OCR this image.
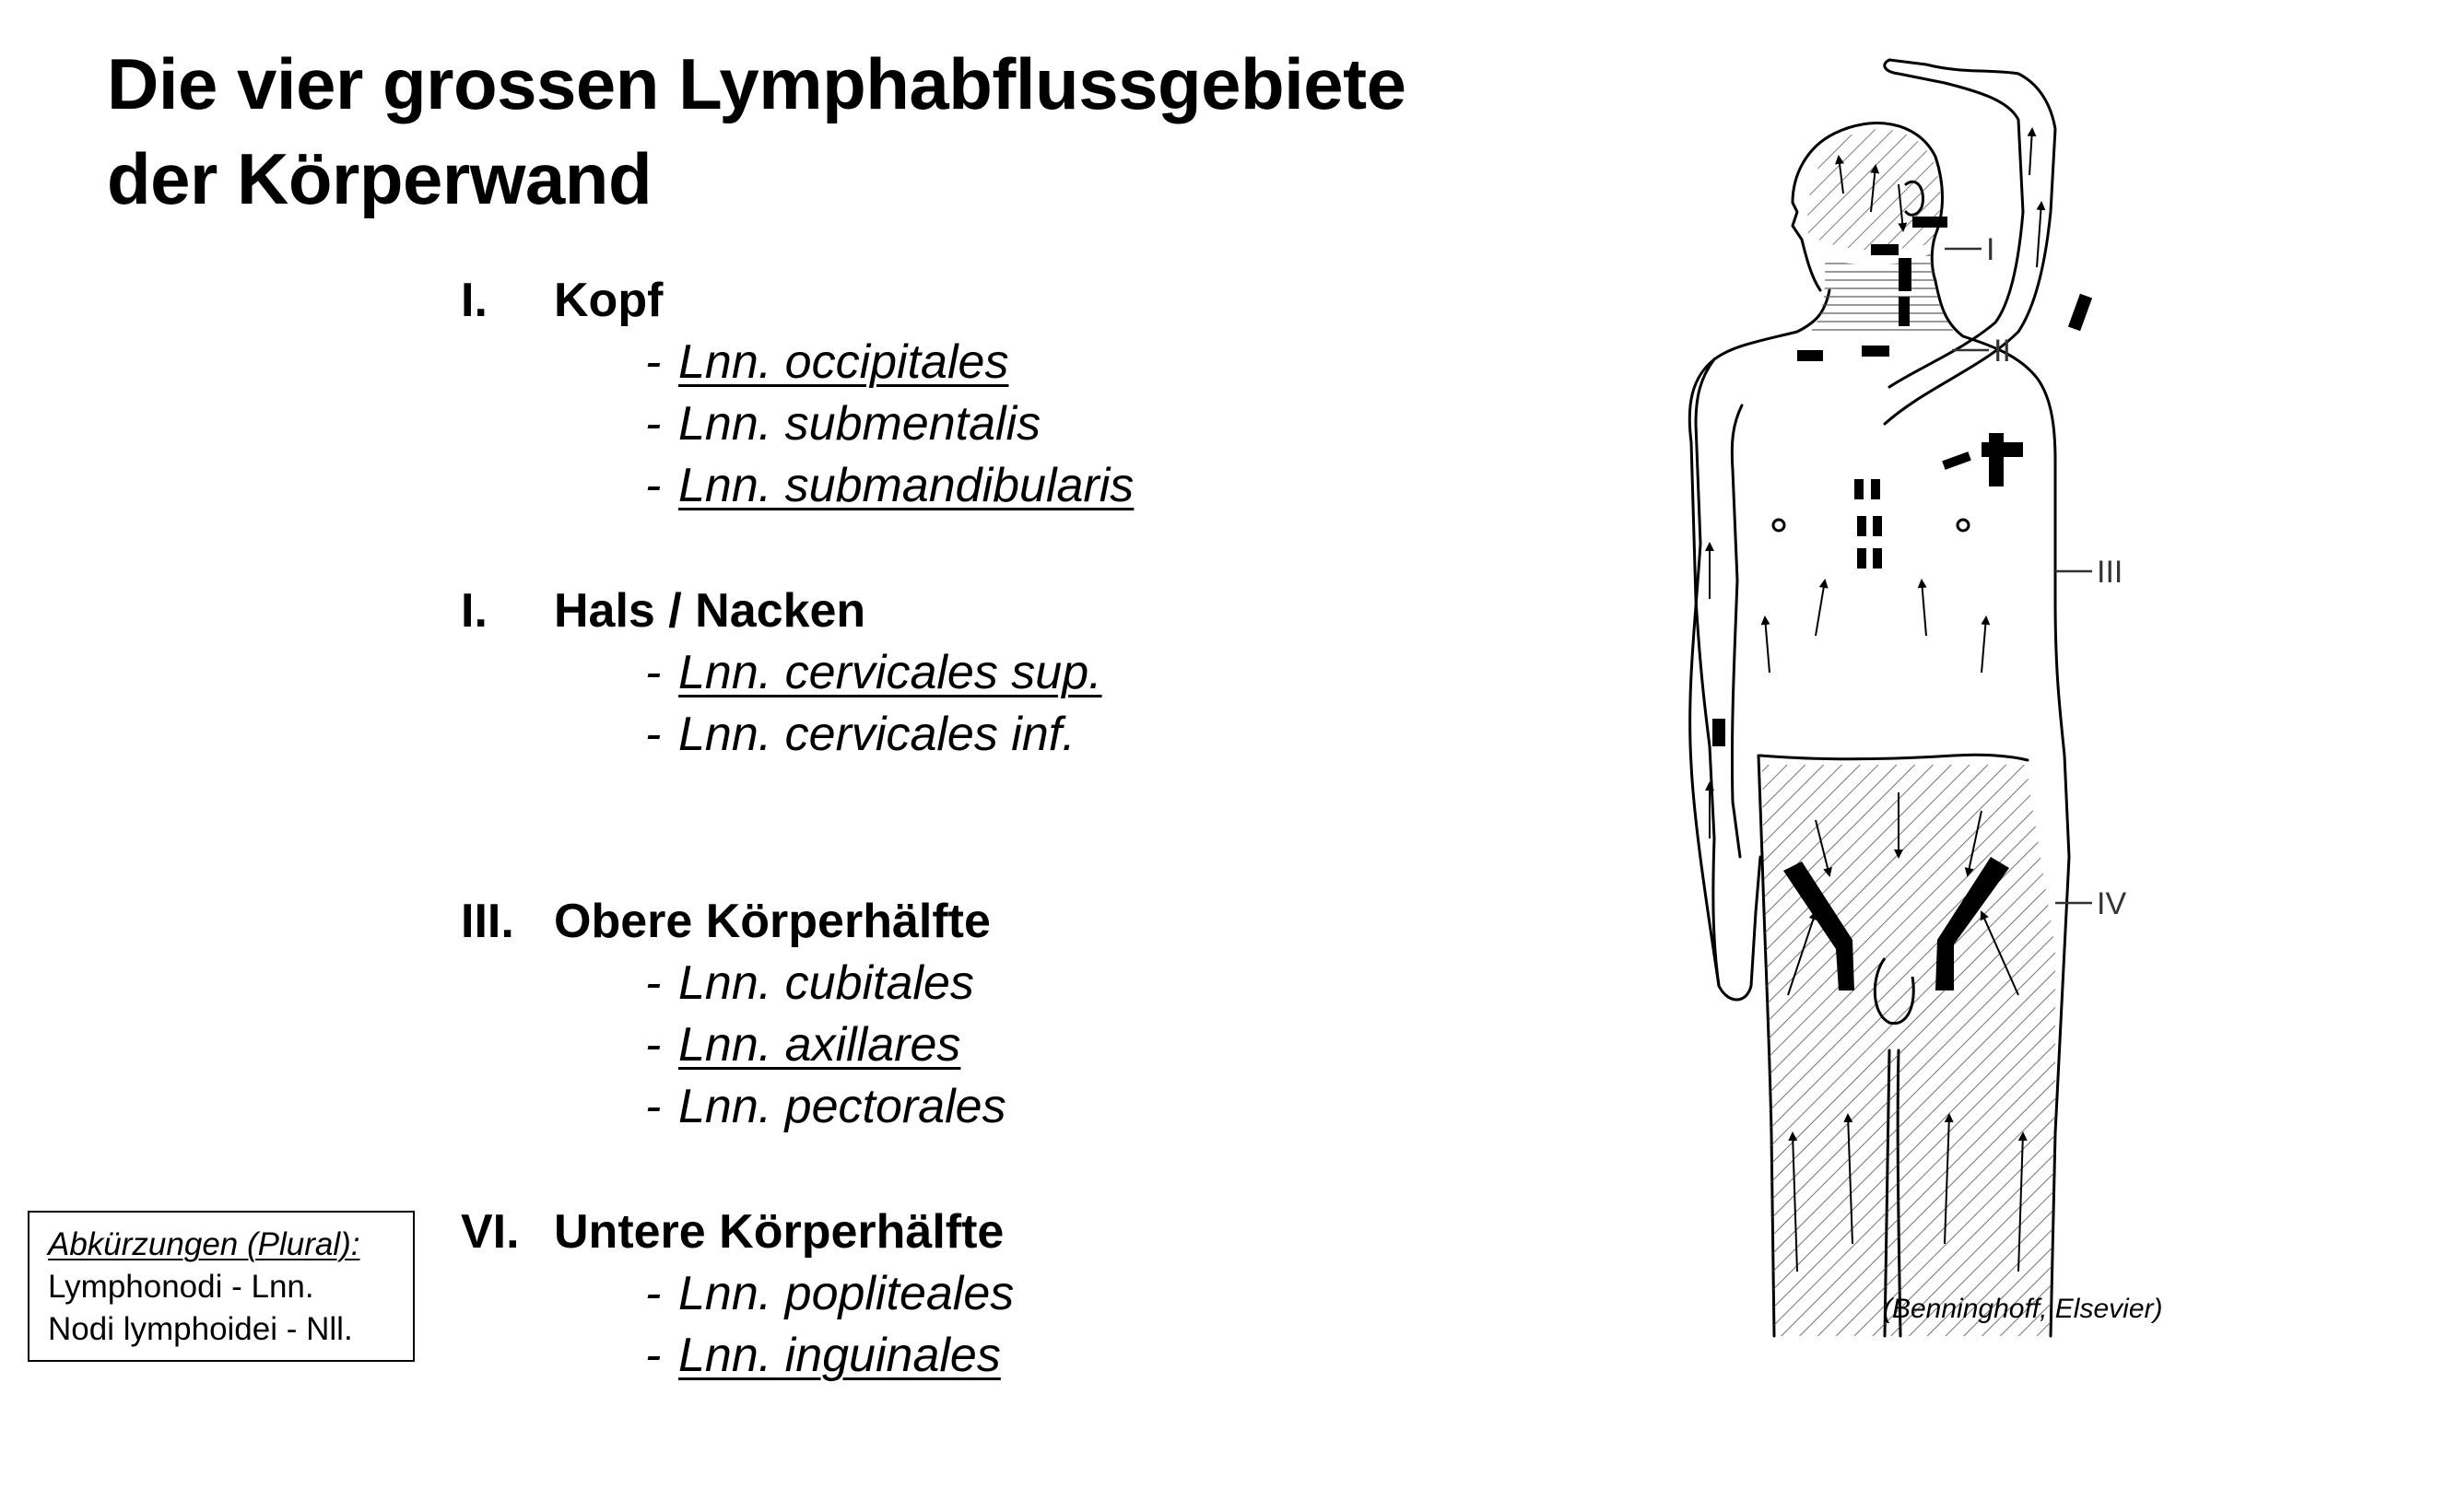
Die vier grossen Lymphabflussgebiete
der Körperwand
I. Kopf
- Lnn. occipitales
- Lnn. submentalis
- Lnn. submandibularis
I. Hals / Nacken
- Lnn. cervicales sup.
- Lnn. cervicales inf.
III. Obere Körperhälfte
- Lnn. cubitales
- Lnn. axillares
- Lnn. pectorales
VI. Untere Körperhälfte
- Lnn. popliteales
- Lnn. inguinales
Abkürzungen (Plural):
Lymphonodi - Lnn.
Nodi lymphoidei - Nll.
I
II
III
IV
(Benninghoff, Elsevier)
